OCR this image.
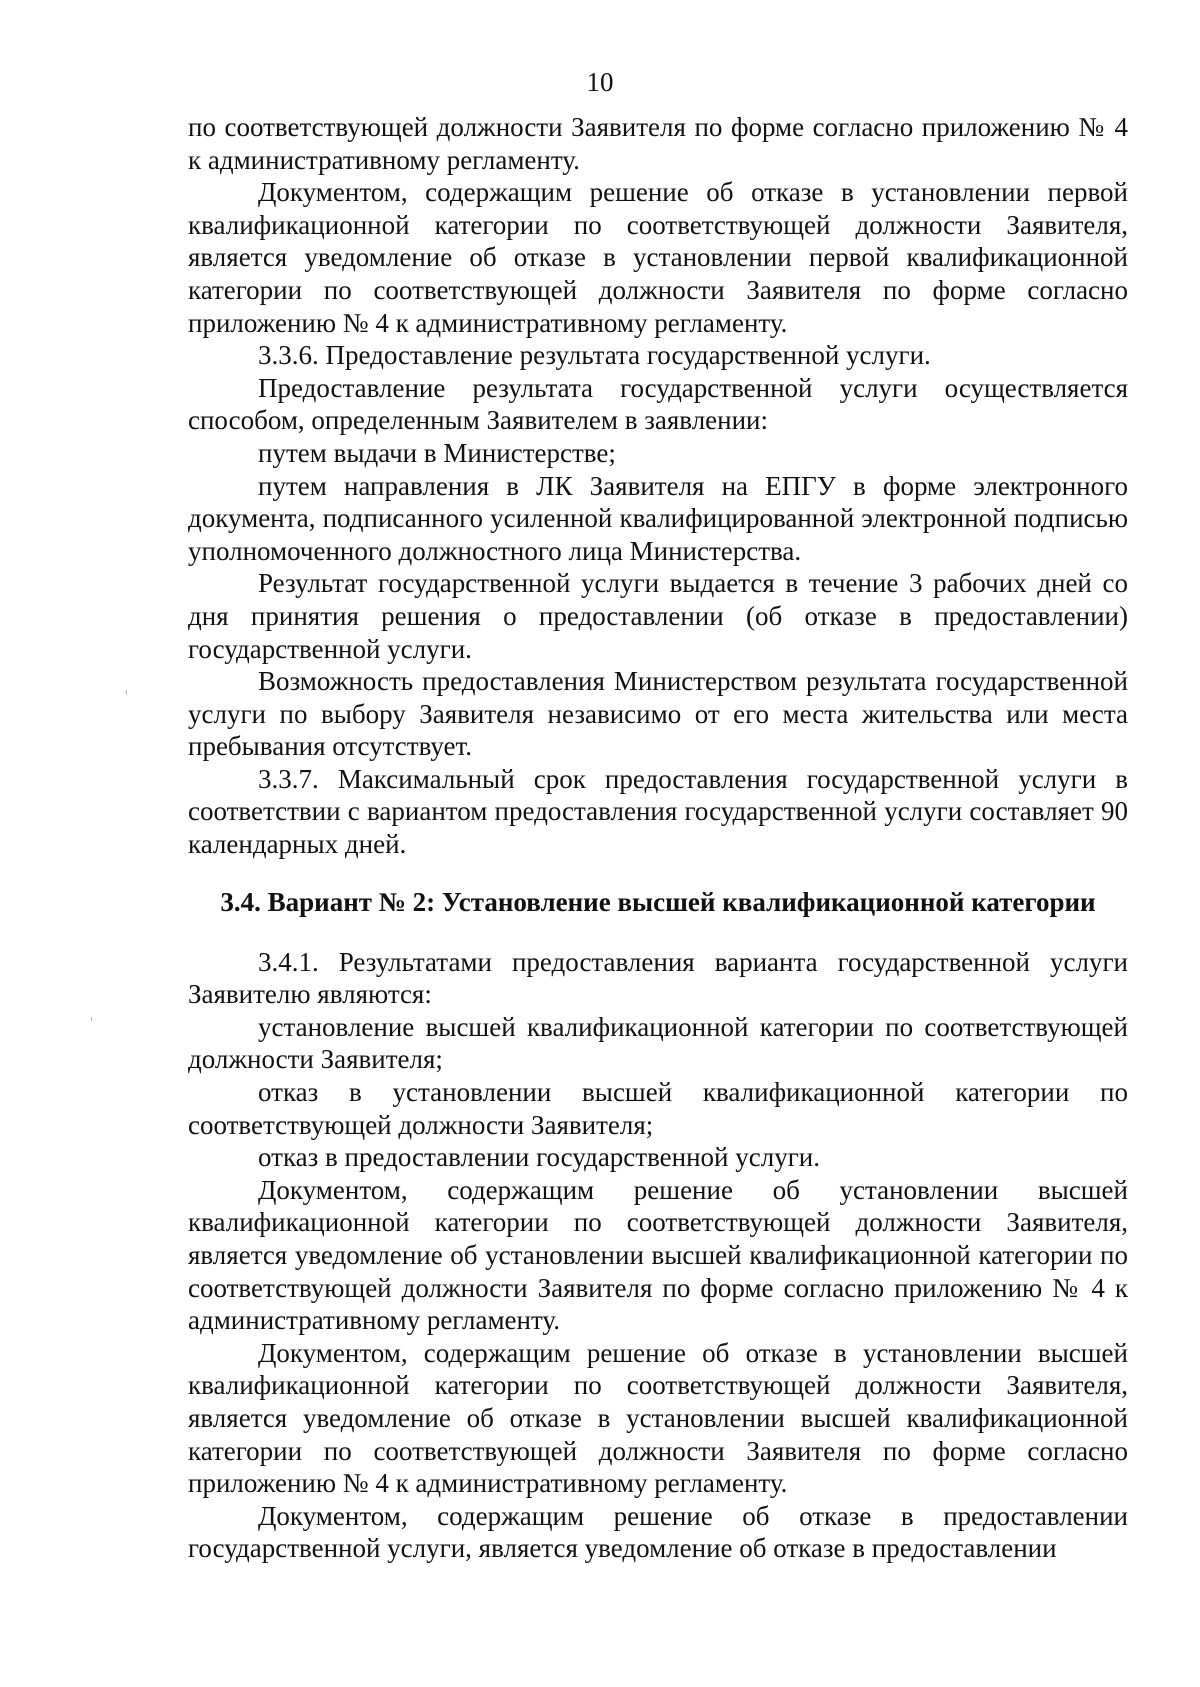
10

по соответствующей должности Заявителя по форме согласно приложению № 4 к административному регламенту.

Документом, содержащим решение об отказе в установлении первой квалификационной категории по соответствующей должности Заявителя, является уведомление об отказе в установлении первой квалификационной категории по соответствующей должности Заявителя по форме согласно приложению № 4 к административному регламенту.

3.3.6. Предоставление результата государственной услуги.

Предоставление результата государственной услуги осуществляется способом, определенным Заявителем в заявлении:

путем выдачи в Министерстве;

путем направления в ЛК Заявителя на ЕПГУ в форме электронного документа, подписанного усиленной квалифицированной электронной подписью уполномоченного должностного лица Министерства.

Результат государственной услуги выдается в течение 3 рабочих дней со дня принятия решения о предоставлении (об отказе в предоставлении) государственной услуги.

Возможность предоставления Министерством результата государственной услуги по выбору Заявителя независимо от его места жительства или места пребывания отсутствует.

3.3.7. Максимальный срок предоставления государственной услуги в соответствии с вариантом предоставления государственной услуги составляет 90 календарных дней.

3.4. Вариант № 2: Установление высшей квалификационной категории

3.4.1. Результатами предоставления варианта государственной услуги Заявителю являются:

установление высшей квалификационной категории по соответствующей должности Заявителя;

отказ в установлении высшей квалификационной категории по соответствующей должности Заявителя;

отказ в предоставлении государственной услуги.

Документом, содержащим решение об установлении высшей квалификационной категории по соответствующей должности Заявителя, является уведомление об установлении высшей квалификационной категории по соответствующей должности Заявителя по форме согласно приложению № 4 к административному регламенту.

Документом, содержащим решение об отказе в установлении высшей квалификационной категории по соответствующей должности Заявителя, является уведомление об отказе в установлении высшей квалификационной категории по соответствующей должности Заявителя по форме согласно приложению № 4 к административному регламенту.

Документом, содержащим решение об отказе в предоставлении государственной услуги, является уведомление об отказе в предоставлении
